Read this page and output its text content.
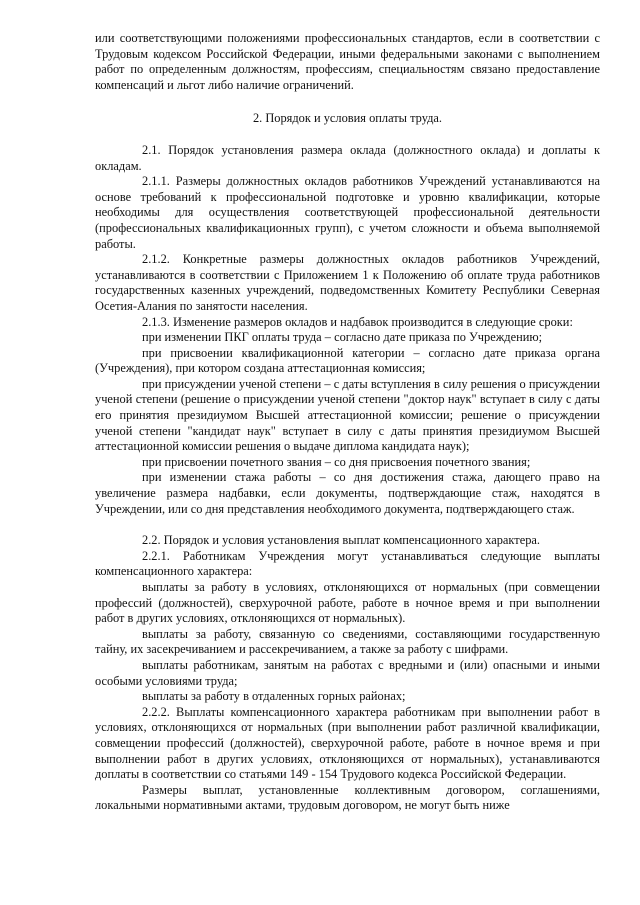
или соответствующими положениями профессиональных стандартов, если в соответствии с Трудовым кодексом Российской Федерации, иными федеральными законами с выполнением работ по определенным должностям, профессиям, специальностям связано предоставление компенсаций и льгот либо наличие ограничений.

2. Порядок и условия оплаты труда.

2.1. Порядок установления размера оклада (должностного оклада) и доплаты к окладам.

2.1.1. Размеры должностных окладов работников Учреждений устанавливаются на основе требований к профессиональной подготовке и уровню квалификации, которые необходимы для осуществления соответствующей профессиональной деятельности (профессиональных квалификационных групп), с учетом сложности и объема выполняемой работы.

2.1.2. Конкретные размеры должностных окладов работников Учреждений, устанавливаются в соответствии с Приложением 1 к Положению об оплате труда работников государственных казенных учреждений, подведомственных Комитету Республики Северная Осетия-Алания по занятости населения.

2.1.3. Изменение размеров окладов и надбавок производится в следующие сроки:

при изменении ПКГ оплаты труда – согласно дате приказа по Учреждению;

при присвоении квалификационной категории – согласно дате приказа органа (Учреждения), при котором создана аттестационная комиссия;

при присуждении ученой степени – с даты вступления в силу решения о присуждении ученой степени (решение о присуждении ученой степени "доктор наук" вступает в силу с даты его принятия президиумом Высшей аттестационной комиссии; решение о присуждении ученой степени "кандидат наук" вступает в силу с даты принятия президиумом Высшей аттестационной комиссии решения о выдаче диплома кандидата наук);

при присвоении почетного звания – со дня присвоения почетного звания;

при изменении стажа работы – со дня достижения стажа, дающего право на увеличение размера надбавки, если документы, подтверждающие стаж, находятся в Учреждении, или со дня представления необходимого документа, подтверждающего стаж.

2.2. Порядок и условия установления выплат компенсационного характера.

2.2.1. Работникам Учреждения могут устанавливаться следующие выплаты компенсационного характера:

выплаты за работу в условиях, отклоняющихся от нормальных (при совмещении профессий (должностей), сверхурочной работе, работе в ночное время и при выполнении работ в других условиях, отклоняющихся от нормальных).

выплаты за работу, связанную со сведениями, составляющими государственную тайну, их засекречиванием и рассекречиванием, а также за работу с шифрами.

выплаты работникам, занятым на работах с вредными и (или) опасными и иными особыми условиями труда;

выплаты за работу в отдаленных горных районах;

2.2.2. Выплаты компенсационного характера работникам при выполнении работ в условиях, отклоняющихся от нормальных (при выполнении работ различной квалификации, совмещении профессий (должностей), сверхурочной работе, работе в ночное время и при выполнении работ в других условиях, отклоняющихся от нормальных), устанавливаются доплаты в соответствии со статьями 149 - 154 Трудового кодекса Российской Федерации.

Размеры выплат, установленные коллективным договором, соглашениями, локальными нормативными актами, трудовым договором, не могут быть ниже
